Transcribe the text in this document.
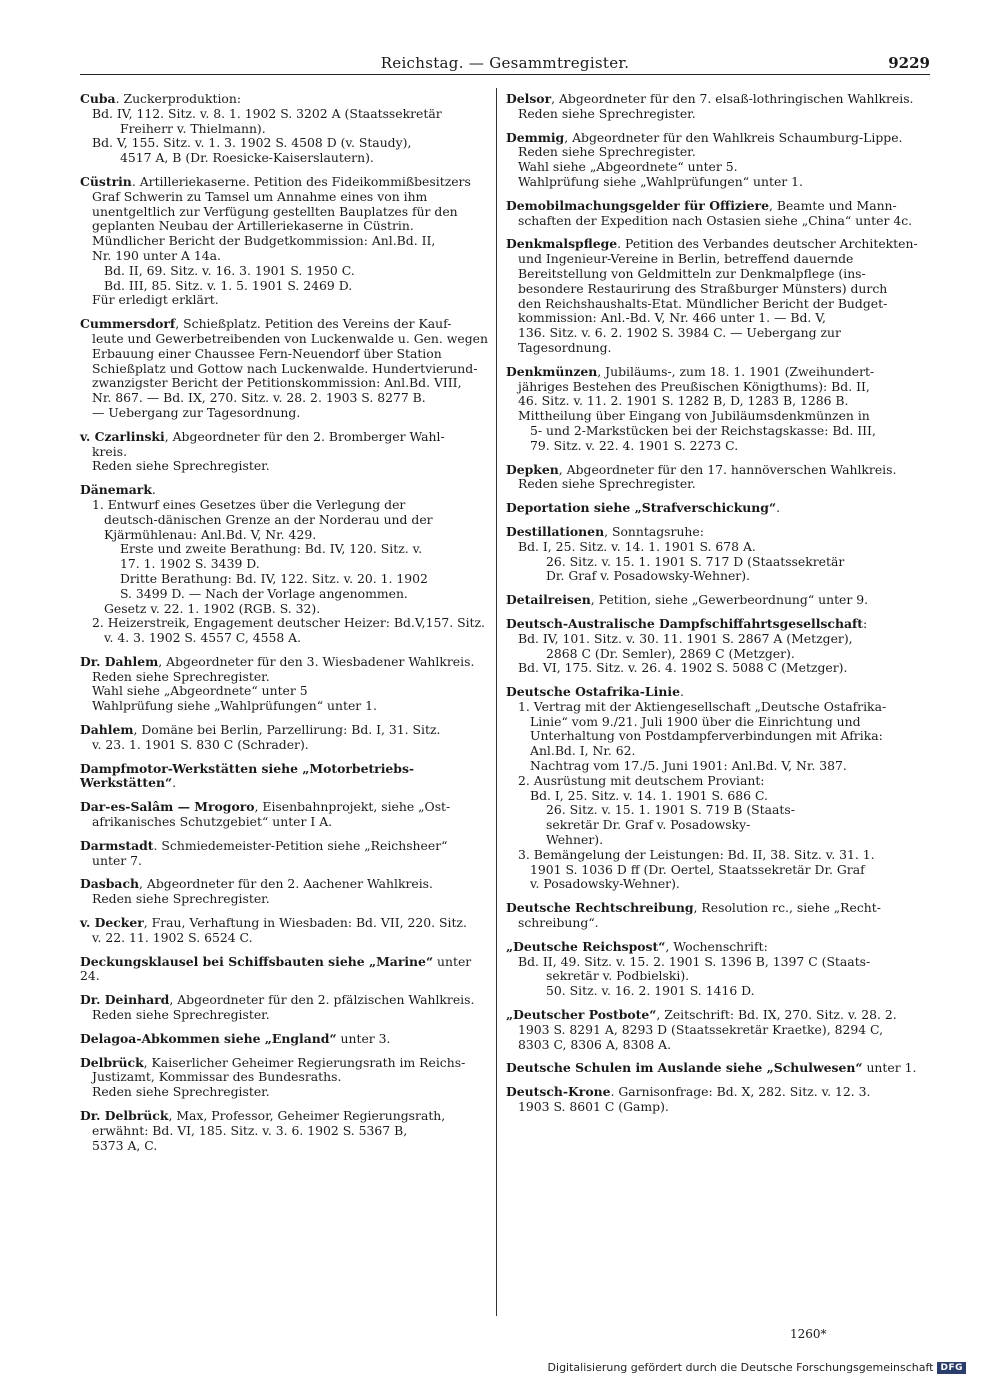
Reichstag. — Gesammtregister.	9229
Cuba. Zuckerproduktion:
Bd. IV, 112. Sitz. v. 8. 1. 1902 S. 3202 A (Staatssekretär
Freiherr v. Thielmann).
Bd. V, 155. Sitz. v. 1. 3. 1902 S. 4508 D (v. Staudy),
4517 A, B (Dr. Roesicke-Kaiserslautern).
Cüstrin. Artilleriekaserne. Petition des Fideikommißbesitzers
Graf Schwerin zu Tamsel um Annahme eines von ihm
unentgeltlich zur Verfügung gestellten Bauplatzes für den
geplanten Neubau der Artilleriekaserne in Cüstrin.
Mündlicher Bericht der Budgetkommission: Anl.Bd. II,
Nr. 190 unter A 14a.
Bd. II, 69. Sitz. v. 16. 3. 1901 S. 1950 C.
Bd. III, 85. Sitz. v. 1. 5. 1901 S. 2469 D.
Für erledigt erklärt.
Cummersdorf, Schießplatz. Petition des Vereins der Kauf-
leute und Gewerbetreibenden von Luckenwalde u. Gen. wegen
Erbauung einer Chaussee Fern-Neuendorf über Station
Schießplatz und Gottow nach Luckenwalde. Hundertvierund-
zwanzigster Bericht der Petitionskommission: Anl.Bd. VIII,
Nr. 867. — Bd. IX, 270. Sitz. v. 28. 2. 1903 S. 8277 B.
— Uebergang zur Tagesordnung.
v. Czarlinski, Abgeordneter für den 2. Bromberger Wahl-
kreis.
Reden siehe Sprechregister.
Dänemark.
1. Entwurf eines Gesetzes über die Verlegung der
deutsch-dänischen Grenze an der Norderau und der
Kjärmühlenau: Anl.Bd. V, Nr. 429.
Erste und zweite Berathung: Bd. IV, 120. Sitz. v.
17. 1. 1902 S. 3439 D.
Dritte Berathung: Bd. IV, 122. Sitz. v. 20. 1. 1902
S. 3499 D. — Nach der Vorlage angenommen.
Gesetz v. 22. 1. 1902 (RGB. S. 32).
2. Heizerstreik, Engagement deutscher Heizer: Bd.V,157. Sitz.
v. 4. 3. 1902 S. 4557 C, 4558 A.
Dr. Dahlem, Abgeordneter für den 3. Wiesbadener Wahlkreis.
Reden siehe Sprechregister.
Wahl siehe „Abgeordnete“ unter 5
Wahlprüfung siehe „Wahlprüfungen“ unter 1.
Dahlem, Domäne bei Berlin, Parzellirung: Bd. I, 31. Sitz.
v. 23. 1. 1901 S. 830 C (Schrader).
Dampfmotor-Werkstätten siehe „Motorbetriebs-Werkstätten“.
Dar-es-Salâm — Mrogoro, Eisenbahnprojekt, siehe „Ost-
afrikanisches Schutzgebiet“ unter I A.
Darmstadt. Schmiedemeister-Petition siehe „Reichsheer“
unter 7.
Dasbach, Abgeordneter für den 2. Aachener Wahlkreis.
Reden siehe Sprechregister.
v. Decker, Frau, Verhaftung in Wiesbaden: Bd. VII, 220. Sitz.
v. 22. 11. 1902 S. 6524 C.
Deckungsklausel bei Schiffsbauten siehe „Marine“ unter 24.
Dr. Deinhard, Abgeordneter für den 2. pfälzischen Wahlkreis.
Reden siehe Sprechregister.
Delagoa-Abkommen siehe „England“ unter 3.
Delbrück, Kaiserlicher Geheimer Regierungsrath im Reichs-
Justizamt, Kommissar des Bundesraths.
Reden siehe Sprechregister.
Dr. Delbrück, Max, Professor, Geheimer Regierungsrath,
erwähnt: Bd. VI, 185. Sitz. v. 3. 6. 1902 S. 5367 B,
5373 A, C.
Delsor, Abgeordneter für den 7. elsaß-lothringischen Wahlkreis.
Reden siehe Sprechregister.
Demmig, Abgeordneter für den Wahlkreis Schaumburg-Lippe.
Reden siehe Sprechregister.
Wahl siehe „Abgeordnete“ unter 5.
Wahlprüfung siehe „Wahlprüfungen“ unter 1.
Demobilmachungsgelder für Offiziere, Beamte und Mann-
schaften der Expedition nach Ostasien siehe „China“ unter 4c.
Denkmalspflege. Petition des Verbandes deutscher Architekten-
und Ingenieur-Vereine in Berlin, betreffend dauernde
Bereitstellung von Geldmitteln zur Denkmalpflege (ins-
besondere Restaurirung des Straßburger Münsters) durch
den Reichshaushalts-Etat. Mündlicher Bericht der Budget-
kommission: Anl.-Bd. V, Nr. 466 unter 1. — Bd. V,
136. Sitz. v. 6. 2. 1902 S. 3984 C. — Uebergang zur
Tagesordnung.
Denkmünzen, Jubiläums-, zum 18. 1. 1901 (Zweihundert-
jähriges Bestehen des Preußischen Königthums): Bd. II,
46. Sitz. v. 11. 2. 1901 S. 1282 B, D, 1283 B, 1286 B.
Mittheilung über Eingang von Jubiläumsdenkmünzen in
5- und 2-Markstücken bei der Reichstagskasse: Bd. III,
79. Sitz. v. 22. 4. 1901 S. 2273 C.
Depken, Abgeordneter für den 17. hannöverschen Wahlkreis.
Reden siehe Sprechregister.
Deportation siehe „Strafverschickung“.
Destillationen, Sonntagsruhe:
Bd. I, 25. Sitz. v. 14. 1. 1901 S. 678 A.
26. Sitz. v. 15. 1. 1901 S. 717 D (Staatssekretär
Dr. Graf v. Posadowsky-Wehner).
Detailreisen, Petition, siehe „Gewerbeordnung“ unter 9.
Deutsch-Australische Dampfschiffahrtsgesellschaft:
Bd. IV, 101. Sitz. v. 30. 11. 1901 S. 2867 A (Metzger),
2868 C (Dr. Semler), 2869 C (Metzger).
Bd. VI, 175. Sitz. v. 26. 4. 1902 S. 5088 C (Metzger).
Deutsche Ostafrika-Linie.
1. Vertrag mit der Aktiengesellschaft „Deutsche Ostafrika-
Linie“ vom 9./21. Juli 1900 über die Einrichtung und
Unterhaltung von Postdampferverbindungen mit Afrika:
Anl.Bd. I, Nr. 62.
Nachtrag vom 17./5. Juni 1901: Anl.Bd. V, Nr. 387.
2. Ausrüstung mit deutschem Proviant:
Bd. I, 25. Sitz. v. 14. 1. 1901 S. 686 C.
26. Sitz. v. 15. 1. 1901 S. 719 B (Staats-
sekretär Dr. Graf v. Posadowsky-
Wehner).
3. Bemängelung der Leistungen: Bd. II, 38. Sitz. v. 31. 1.
1901 S. 1036 D ff (Dr. Oertel, Staatssekretär Dr. Graf
v. Posadowsky-Wehner).
Deutsche Rechtschreibung, Resolution rc., siehe „Recht-
schreibung“.
„Deutsche Reichspost“, Wochenschrift:
Bd. II, 49. Sitz. v. 15. 2. 1901 S. 1396 B, 1397 C (Staats-
sekretär v. Podbielski).
50. Sitz. v. 16. 2. 1901 S. 1416 D.
„Deutscher Postbote“, Zeitschrift: Bd. IX, 270. Sitz. v. 28. 2.
1903 S. 8291 A, 8293 D (Staatssekretär Kraetke), 8294 C,
8303 C, 8306 A, 8308 A.
Deutsche Schulen im Auslande siehe „Schulwesen“ unter 1.
Deutsch-Krone. Garnisonfrage: Bd. X, 282. Sitz. v. 12. 3.
1903 S. 8601 C (Gamp).
1260*
Digitalisierung gefördert durch die Deutsche Forschungsgemeinschaft DFG
